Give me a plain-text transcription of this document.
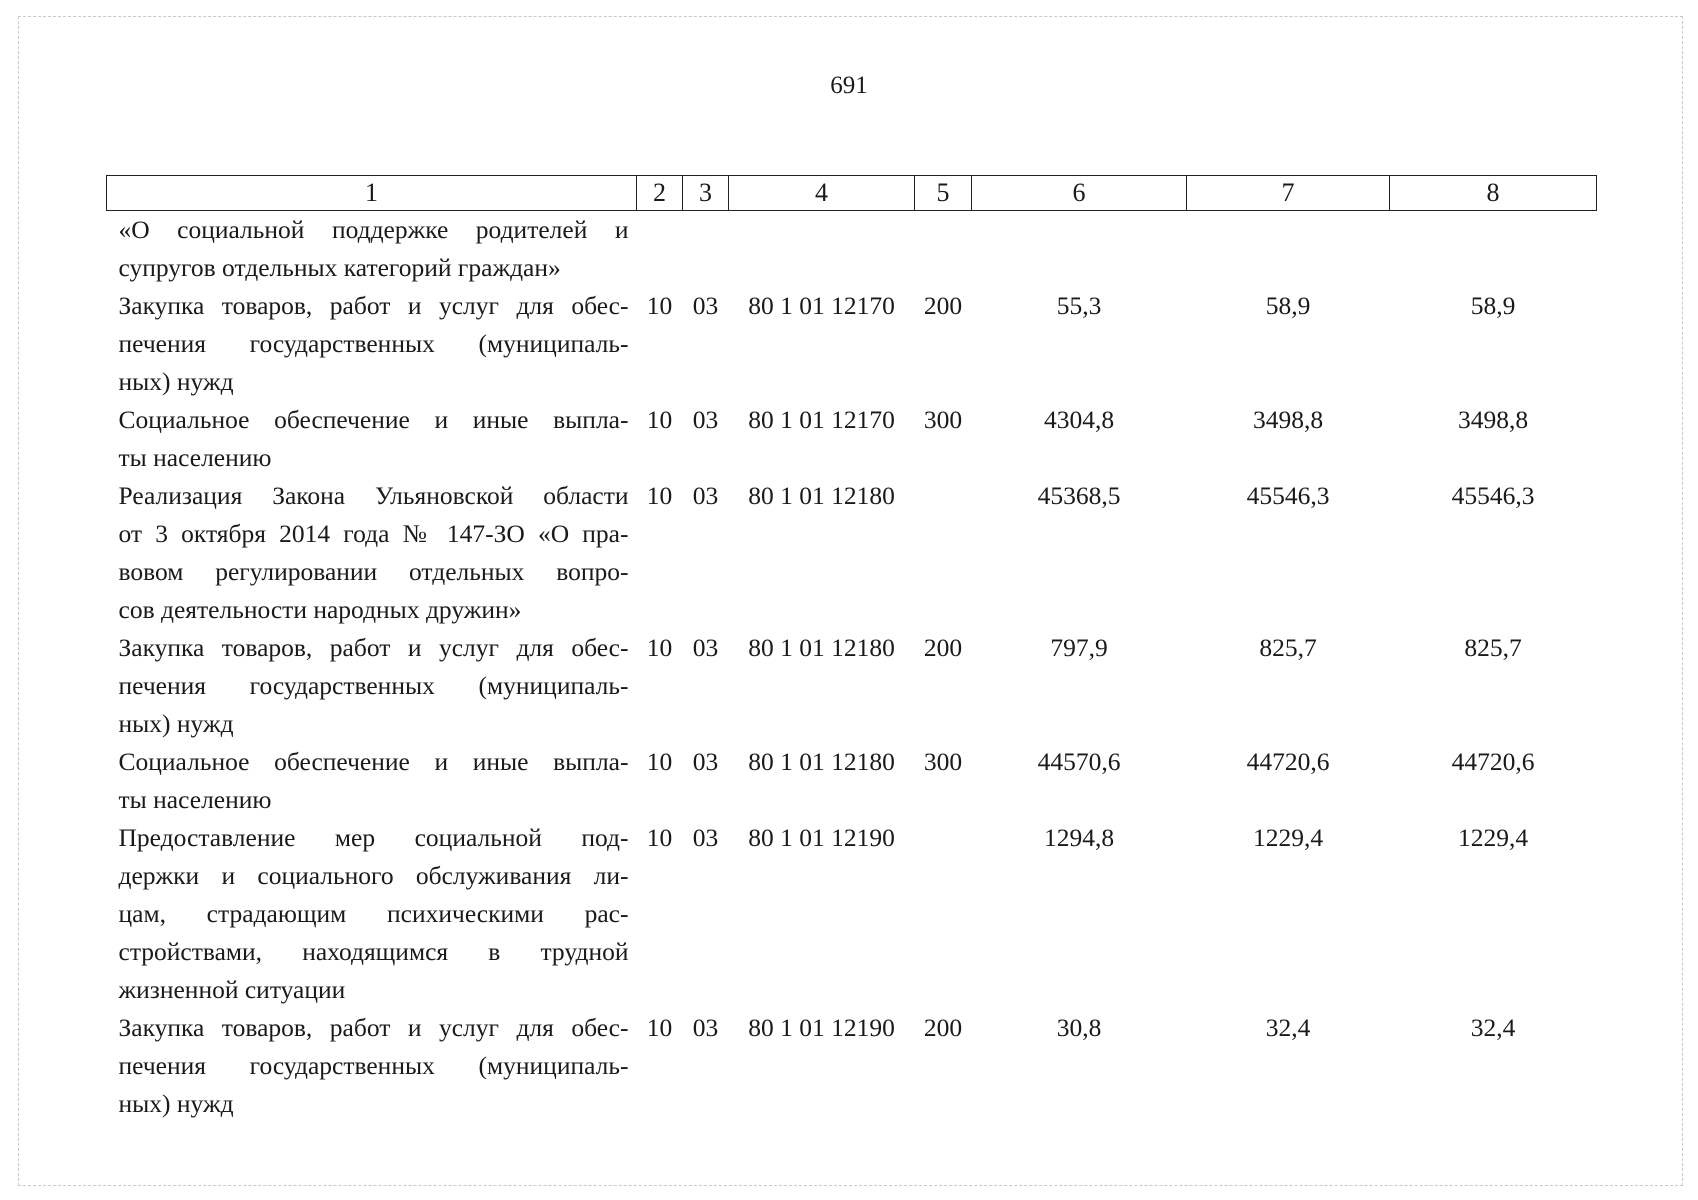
691
1	2	3	4	5	6	7	8

«О социальной поддержке родителей и
супругов отдельных категорий граждан»							

Закупка товаров, работ и услуг для обес-
печения государственных (муниципаль-
ных) нужд	10	03	80 1 01 12170	200	55,3	58,9	58,9

Социальное обеспечение и иные выпла-
ты населению	10	03	80 1 01 12170	300	4304,8	3498,8	3498,8

Реализация Закона Ульяновской области
от 3 октября 2014 года № 147-ЗО «О пра-
вовом регулировании отдельных вопро-
сов деятельности народных дружин»	10	03	80 1 01 12180		45368,5	45546,3	45546,3

Закупка товаров, работ и услуг для обес-
печения государственных (муниципаль-
ных) нужд	10	03	80 1 01 12180	200	797,9	825,7	825,7

Социальное обеспечение и иные выпла-
ты населению	10	03	80 1 01 12180	300	44570,6	44720,6	44720,6

Предоставление мер социальной под-
держки и социального обслуживания ли-
цам, страдающим психическими рас-
стройствами, находящимся в трудной
жизненной ситуации	10	03	80 1 01 12190		1294,8	1229,4	1229,4

Закупка товаров, работ и услуг для обес-
печения государственных (муниципаль-
ных) нужд	10	03	80 1 01 12190	200	30,8	32,4	32,4
